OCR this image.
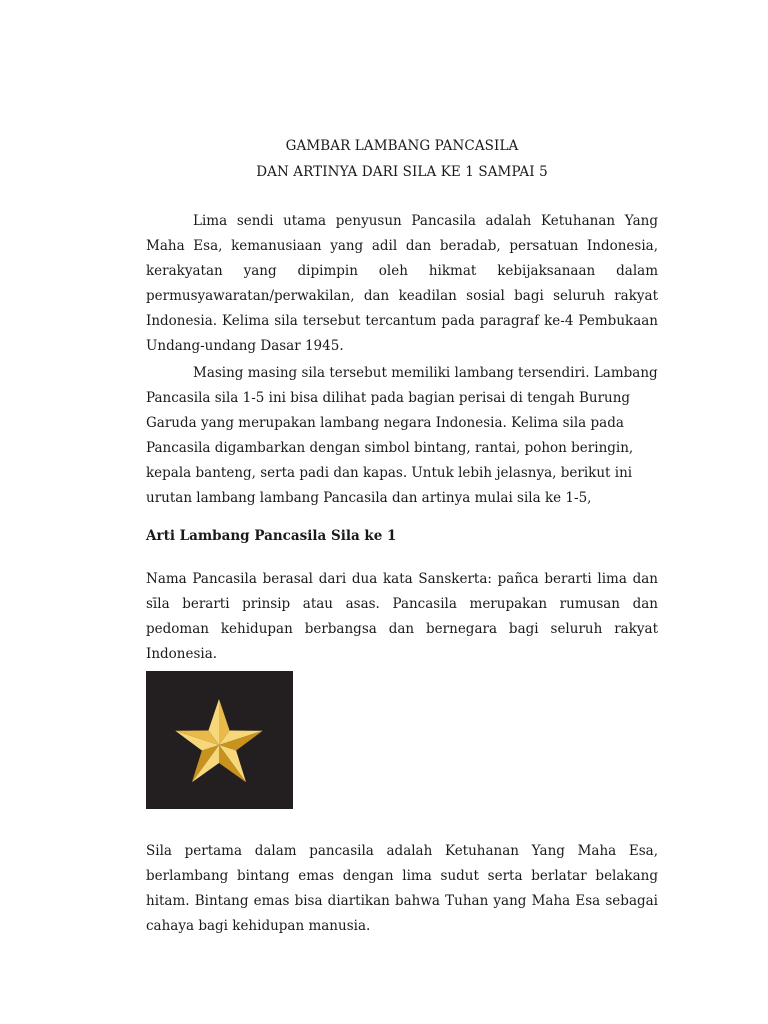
GAMBAR LAMBANG PANCASILA
DAN ARTINYA DARI SILA KE 1 SAMPAI 5

Lima sendi utama penyusun Pancasila adalah Ketuhanan Yang Maha Esa, kemanusiaan yang adil dan beradab, persatuan Indonesia, kerakyatan yang dipimpin oleh hikmat kebijaksanaan dalam permusyawaratan/perwakilan, dan keadilan sosial bagi seluruh rakyat Indonesia. Kelima sila tersebut tercantum pada paragraf ke-4 Pembukaan Undang-undang Dasar 1945.

Masing masing sila tersebut memiliki lambang tersendiri. Lambang Pancasila sila 1-5 ini bisa dilihat pada bagian perisai di tengah Burung Garuda yang merupakan lambang negara Indonesia. Kelima sila pada Pancasila digambarkan dengan simbol bintang, rantai, pohon beringin, kepala banteng, serta padi dan kapas. Untuk lebih jelasnya, berikut ini urutan lambang lambang Pancasila dan artinya mulai sila ke 1-5,

Arti Lambang Pancasila Sila ke 1

Nama Pancasila berasal dari dua kata Sanskerta: pañca berarti lima dan sīla berarti prinsip atau asas. Pancasila merupakan rumusan dan pedoman kehidupan berbangsa dan bernegara bagi seluruh rakyat Indonesia.

Sila pertama dalam pancasila adalah Ketuhanan Yang Maha Esa, berlambang bintang emas dengan lima sudut serta berlatar belakang hitam. Bintang emas bisa diartikan bahwa Tuhan yang Maha Esa sebagai cahaya bagi kehidupan manusia.
